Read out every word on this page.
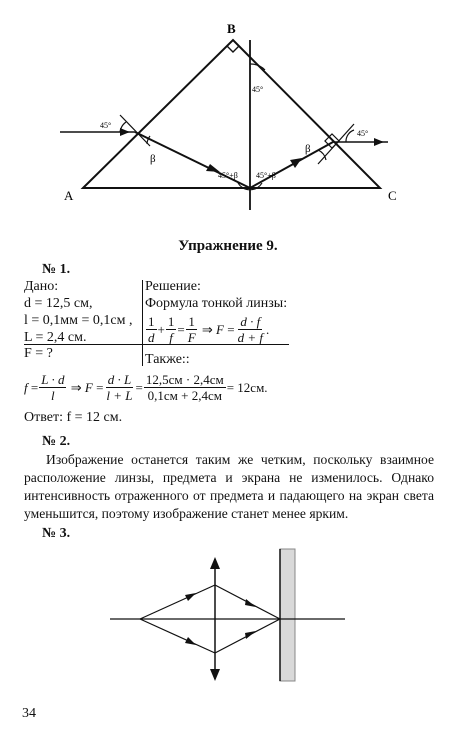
B
A	C
45°
45°
45°
β
β
45°+β 45°+β
Упражнение 9.
№ 1.
Дано:
d = 12,5 см,
l = 0,1мм = 0,1см ,
L = 2,4 см.
F = ?
Решение:
Формула тонкой линзы:
$\frac{1}{d} + \frac{1}{f} = \frac{1}{F}$ ⇒ $F = \frac{d \cdot f}{d + f}$ .
Также::
$f = \frac{L \cdot d}{l}$ ⇒ $F = \frac{d \cdot L}{l + L} = \frac{12,5см \cdot 2,4см}{0,1см + 2,4см} = 12см$.
Ответ: f = 12 см.
№ 2.
Изображение останется таким же четким, поскольку взаимное расположение линзы, предмета и экрана не изменилось. Однако интенсивность отраженного от предмета и падающего на экран света уменьшится, поэтому изображение станет менее ярким.
№ 3.
34
